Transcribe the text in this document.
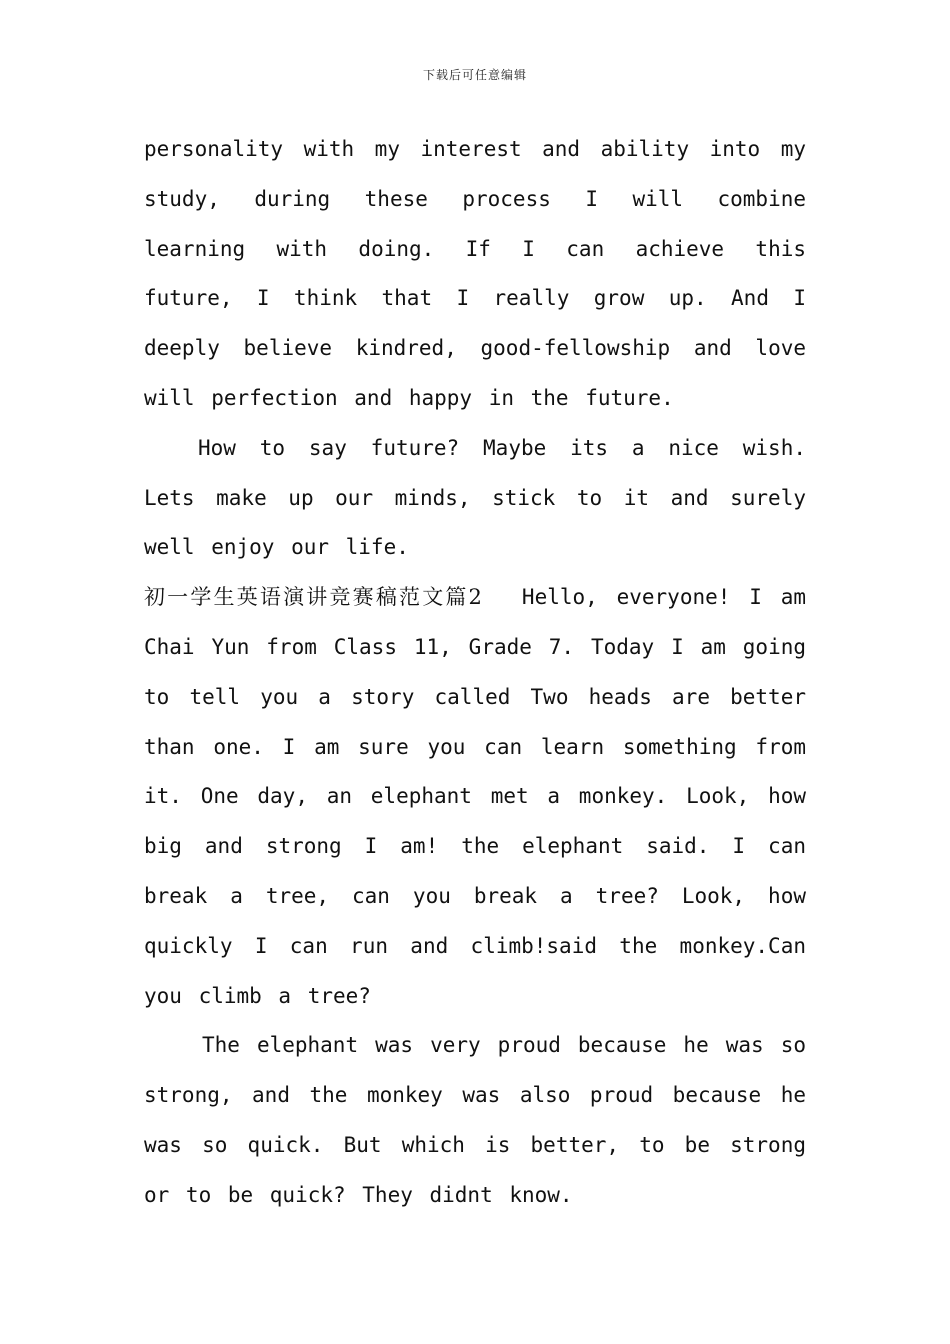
下载后可任意编辑

personality with my interest and ability into my study, during these process I will combine learning with doing. If I can achieve this future, I think that I really grow up. And I deeply believe kindred, good-fellowship and love will perfection and happy in the future.

How to say future? Maybe its a nice wish. Lets make up our minds, stick to it and surely well enjoy our life.

初一学生英语演讲竞赛稿范文篇2 Hello, everyone! I am Chai Yun from Class 11, Grade 7. Today I am going to tell you a story called Two heads are better than one. I am sure you can learn something from it. One day, an elephant met a monkey. Look, how big and strong I am! the elephant said. I can break a tree, can you break a tree? Look, how quickly I can run and climb!said the monkey.Can you climb a tree?

The elephant was very proud because he was so strong, and the monkey was also proud because he was so quick. But which is better, to be strong or to be quick? They didnt know.
